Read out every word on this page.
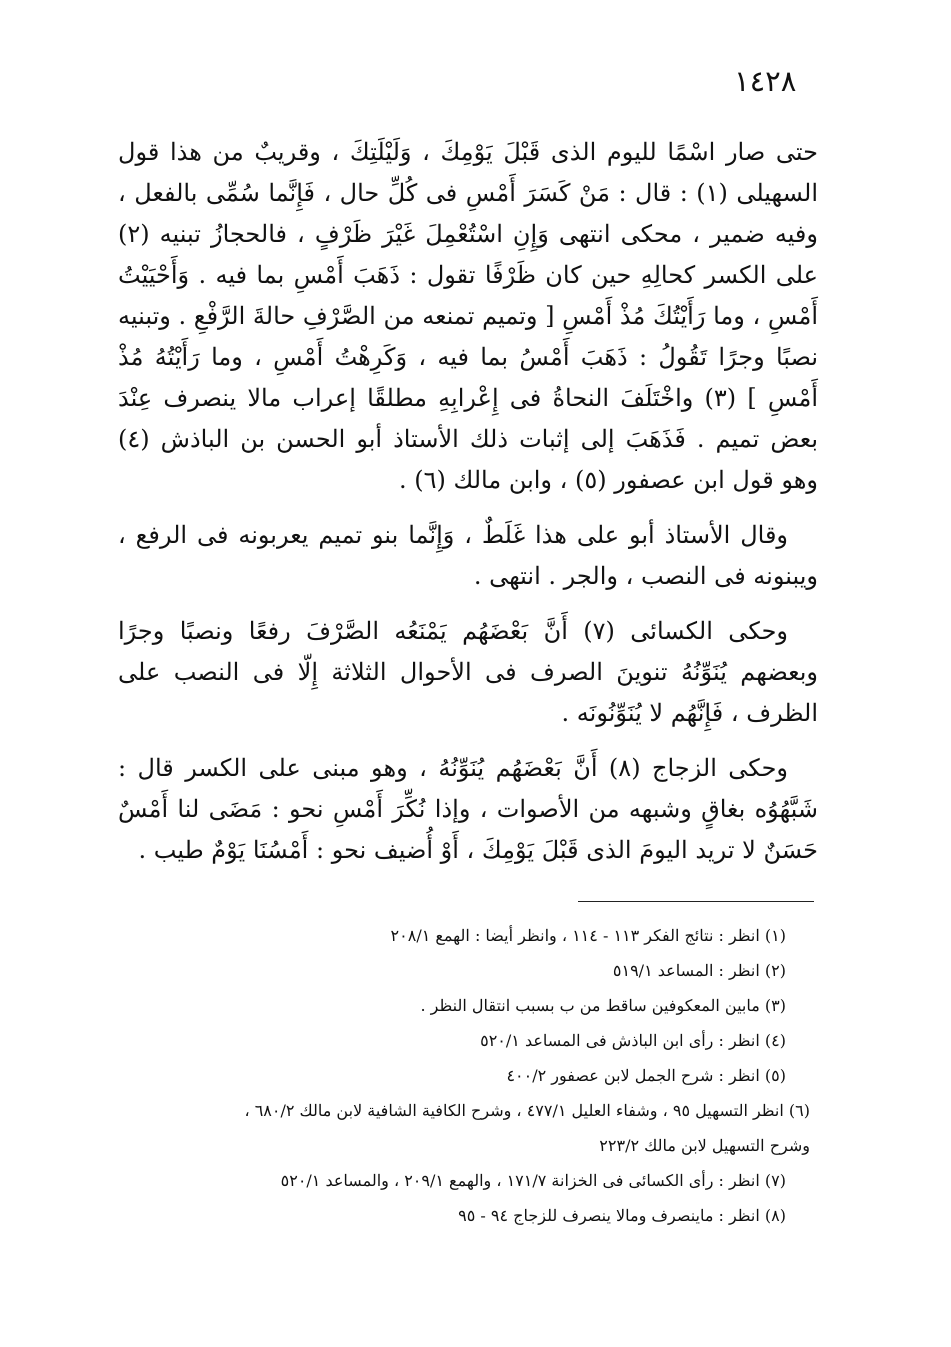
١٤٢٨

حتى صار اسْمًا لليوم الذى قَبْلَ يَوْمِكَ ، وَلَيْلَتِكَ ، وقريبٌ من هذا قول السهيلى (١) : قال : مَنْ كَسَرَ أَمْسِ فى كُلِّ حال ، فَإِنَّما سُمِّى بالفعل ، وفيه ضمير ، محكى انتهى وَإِنِ اسْتُعْمِلَ غَيْرَ ظَرْفٍ ، فالحجازُ تبنيه (٢) على الكسر كحالِهِ حين كان ظَرْفًا تقول : ذَهَبَ أَمْسِ بما فيه . وَأَحْيَيْتُ أَمْسِ ، وما رَأَيْتُكَ مُذْ أَمْسِ [ وتميم تمنعه من الصَّرْفِ حالةَ الرَّفْعِ . وتبنيه نصبًا وجرًا تَقُولُ : ذَهَبَ أَمْسُ بما فيه ، وَكَرِهْتُ أَمْسِ ، وما رَأَيْتُهُ مُذْ أَمْسِ ] (٣) واخْتَلَفَ النحاةُ فى إِعْرابِهِ مطلقًا إعراب مالا ينصرف عِنْدَ بعض تميم . فَذَهَبَ إلى إثبات ذلك الأستاذ أبو الحسن بن الباذش (٤) وهو قول ابن عصفور (٥) ، وابن مالك (٦) .

وقال الأستاذ أبو على هذا غَلَطٌ ، وَإِنَّما بنو تميم يعربونه فى الرفع ، ويبنونه فى النصب ، والجر . انتهى .

وحكى الكسائى (٧) أَنَّ بَعْضَهُم يَمْنَعُه الصَّرْفَ رفعًا ونصبًا وجرًا وبعضهم يُنَوِّنُهُ تنوينَ الصرف فى الأحوال الثلاثة إِلّا فى النصب على الظرف ، فَإِنَّهُم لا يُنَوِّنُونَه .

وحكى الزجاج (٨) أَنَّ بَعْضَهُم يُنَوِّنُهُ ، وهو مبنى على الكسر قال : شَبَّهُوُه بغاقٍ وشبهه من الأصوات ، وإذا نُكِّرَ أَمْسِ نحو : مَضَى لنا أَمْسٌ حَسَنٌ لا تريد اليومَ الذى قَبْلَ يَوْمِكَ ، أَوْ أُضيف نحو : أَمْسُنَا يَوْمٌ طيب .

(١) انظر : نتائج الفكر ١١٣ - ١١٤ ، وانظر أيضا : الهمع ٢٠٨/١

(٢) انظر : المساعد ٥١٩/١

(٣) مابين المعكوفين ساقط من ب بسبب انتقال النظر .

(٤) انظر : رأى ابن الباذش فى المساعد ٥٢٠/١

(٥) انظر : شرح الجمل لابن عصفور ٤٠٠/٢

(٦) انظر التسهيل ٩٥ ، وشفاء العليل ٤٧٧/١ ، وشرح الكافية الشافية لابن مالك ٦٨٠/٢ ،

وشرح التسهيل لابن مالك ٢٢٣/٢

(٧) انظر : رأى الكسائى فى الخزانة ١٧١/٧ ، والهمع ٢٠٩/١ ، والمساعد ٥٢٠/١

(٨) انظر : ماينصرف ومالا ينصرف للزجاج ٩٤ - ٩٥
